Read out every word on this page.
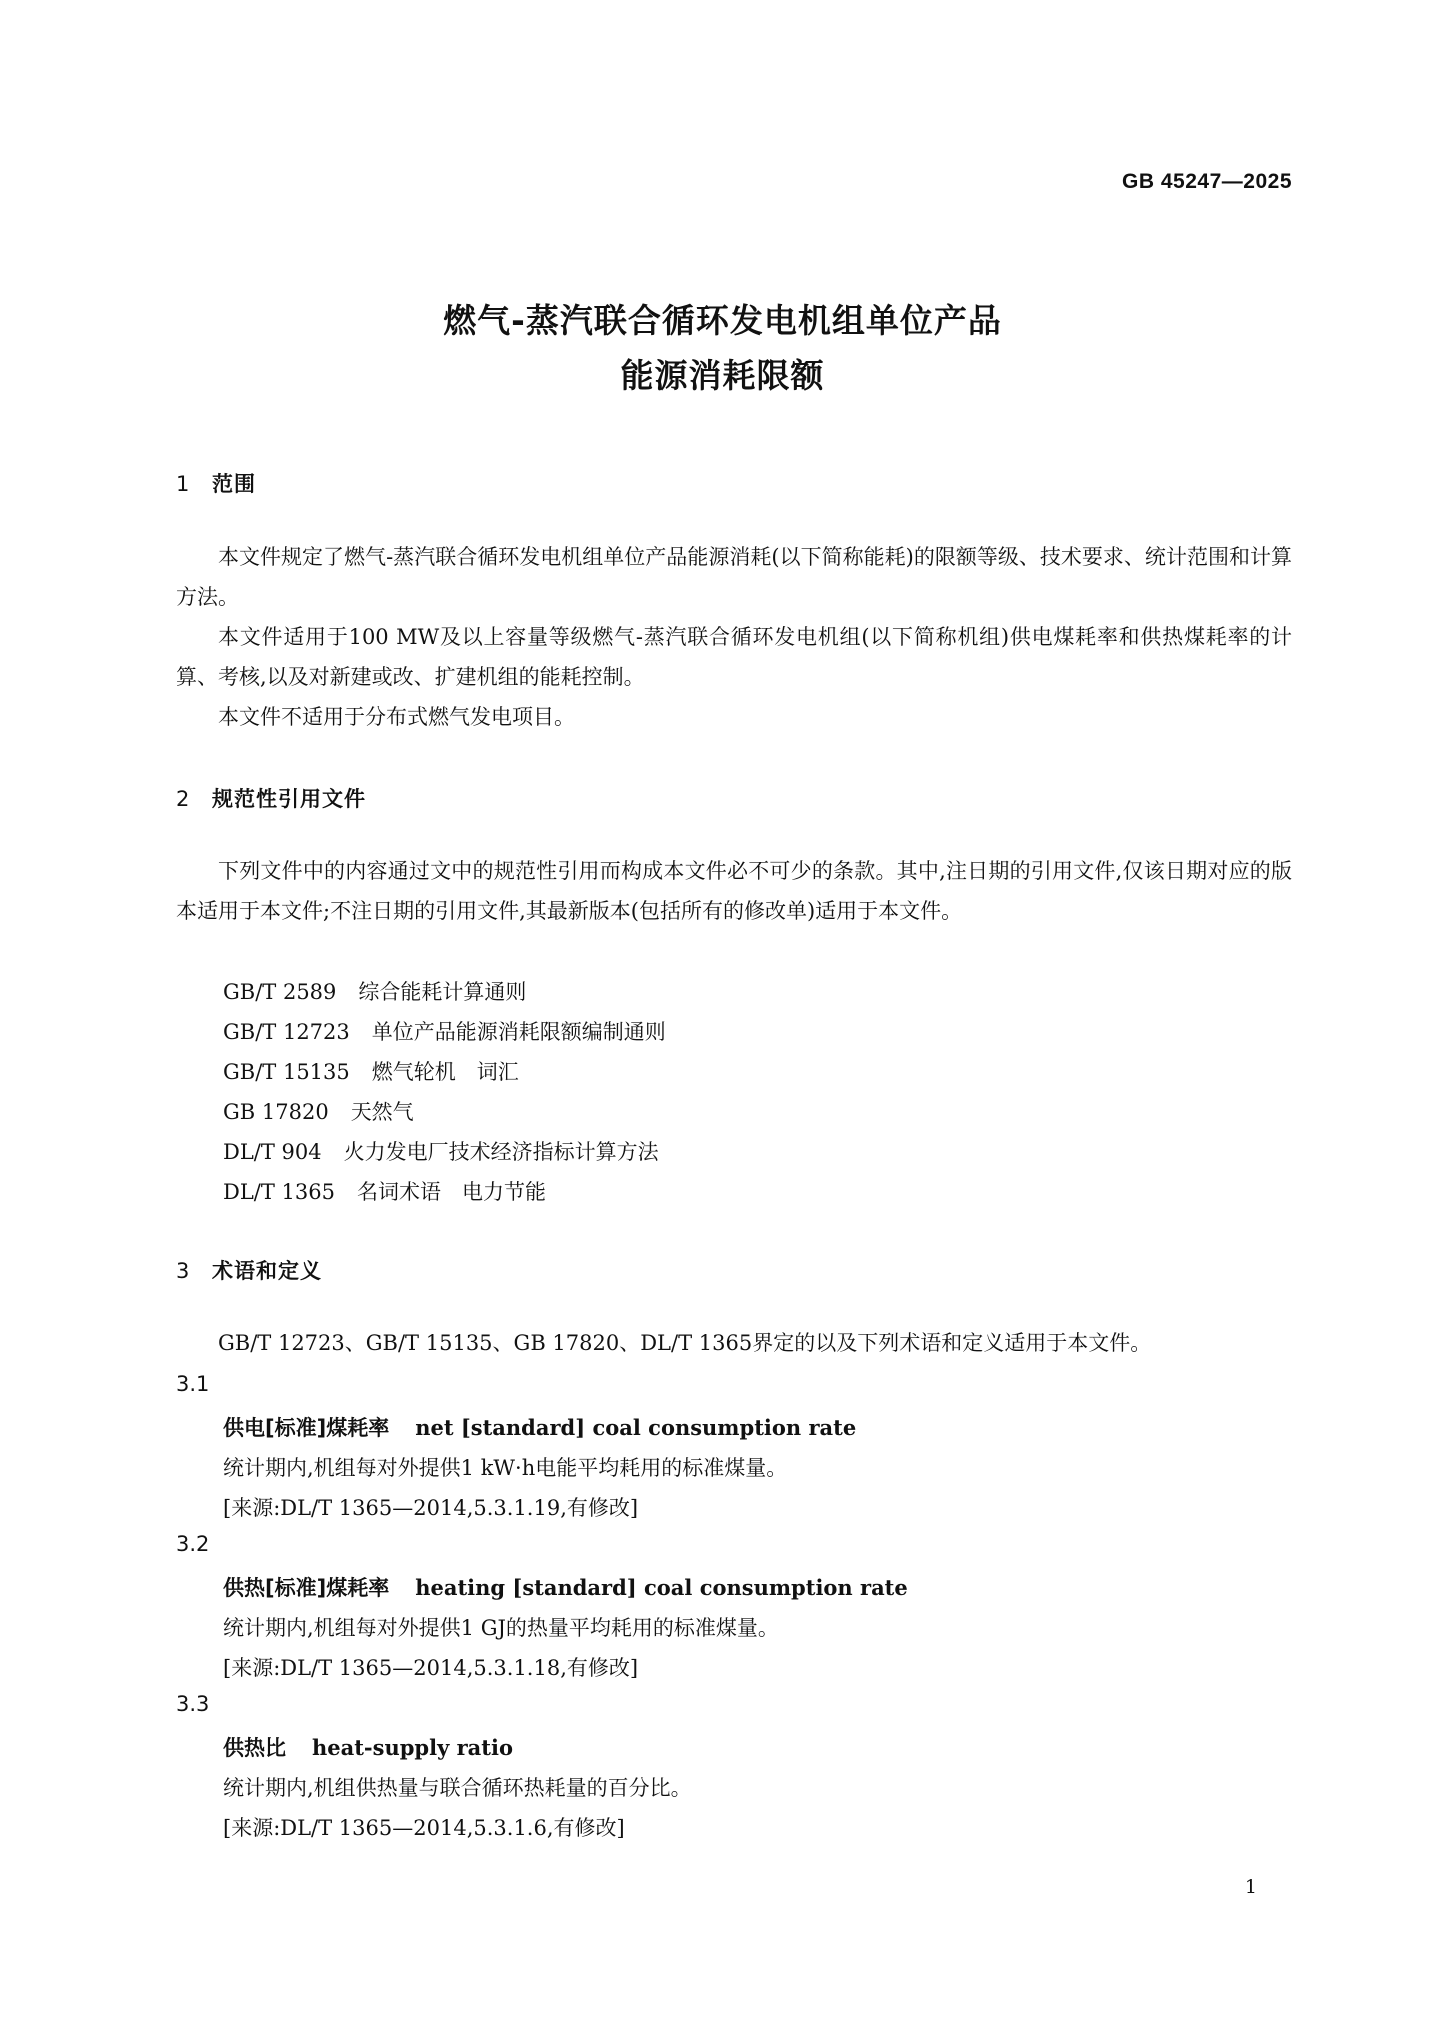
GB 45247—2025
燃气-蒸汽联合循环发电机组单位产品
能源消耗限额
1 范围
本文件规定了燃气-蒸汽联合循环发电机组单位产品能源消耗(以下简称能耗)的限额等级、技术要求、统计范围和计算方法。
本文件适用于100 MW及以上容量等级燃气-蒸汽联合循环发电机组(以下简称机组)供电煤耗率和供热煤耗率的计算、考核,以及对新建或改、扩建机组的能耗控制。
本文件不适用于分布式燃气发电项目。
2 规范性引用文件
下列文件中的内容通过文中的规范性引用而构成本文件必不可少的条款。其中,注日期的引用文件,仅该日期对应的版本适用于本文件;不注日期的引用文件,其最新版本(包括所有的修改单)适用于本文件。
GB/T 2589 综合能耗计算通则
GB/T 12723 单位产品能源消耗限额编制通则
GB/T 15135 燃气轮机　词汇
GB 17820 天然气
DL/T 904 火力发电厂技术经济指标计算方法
DL/T 1365 名词术语　电力节能
3 术语和定义
GB/T 12723、GB/T 15135、GB 17820、DL/T 1365界定的以及下列术语和定义适用于本文件。
3.1
供电[标准]煤耗率 net [standard] coal consumption rate
统计期内,机组每对外提供1 kW·h电能平均耗用的标准煤量。
[来源:DL/T 1365—2014,5.3.1.19,有修改]
3.2
供热[标准]煤耗率 heating [standard] coal consumption rate
统计期内,机组每对外提供1 GJ的热量平均耗用的标准煤量。
[来源:DL/T 1365—2014,5.3.1.18,有修改]
3.3
供热比 heat-supply ratio
统计期内,机组供热量与联合循环热耗量的百分比。
[来源:DL/T 1365—2014,5.3.1.6,有修改]
1
